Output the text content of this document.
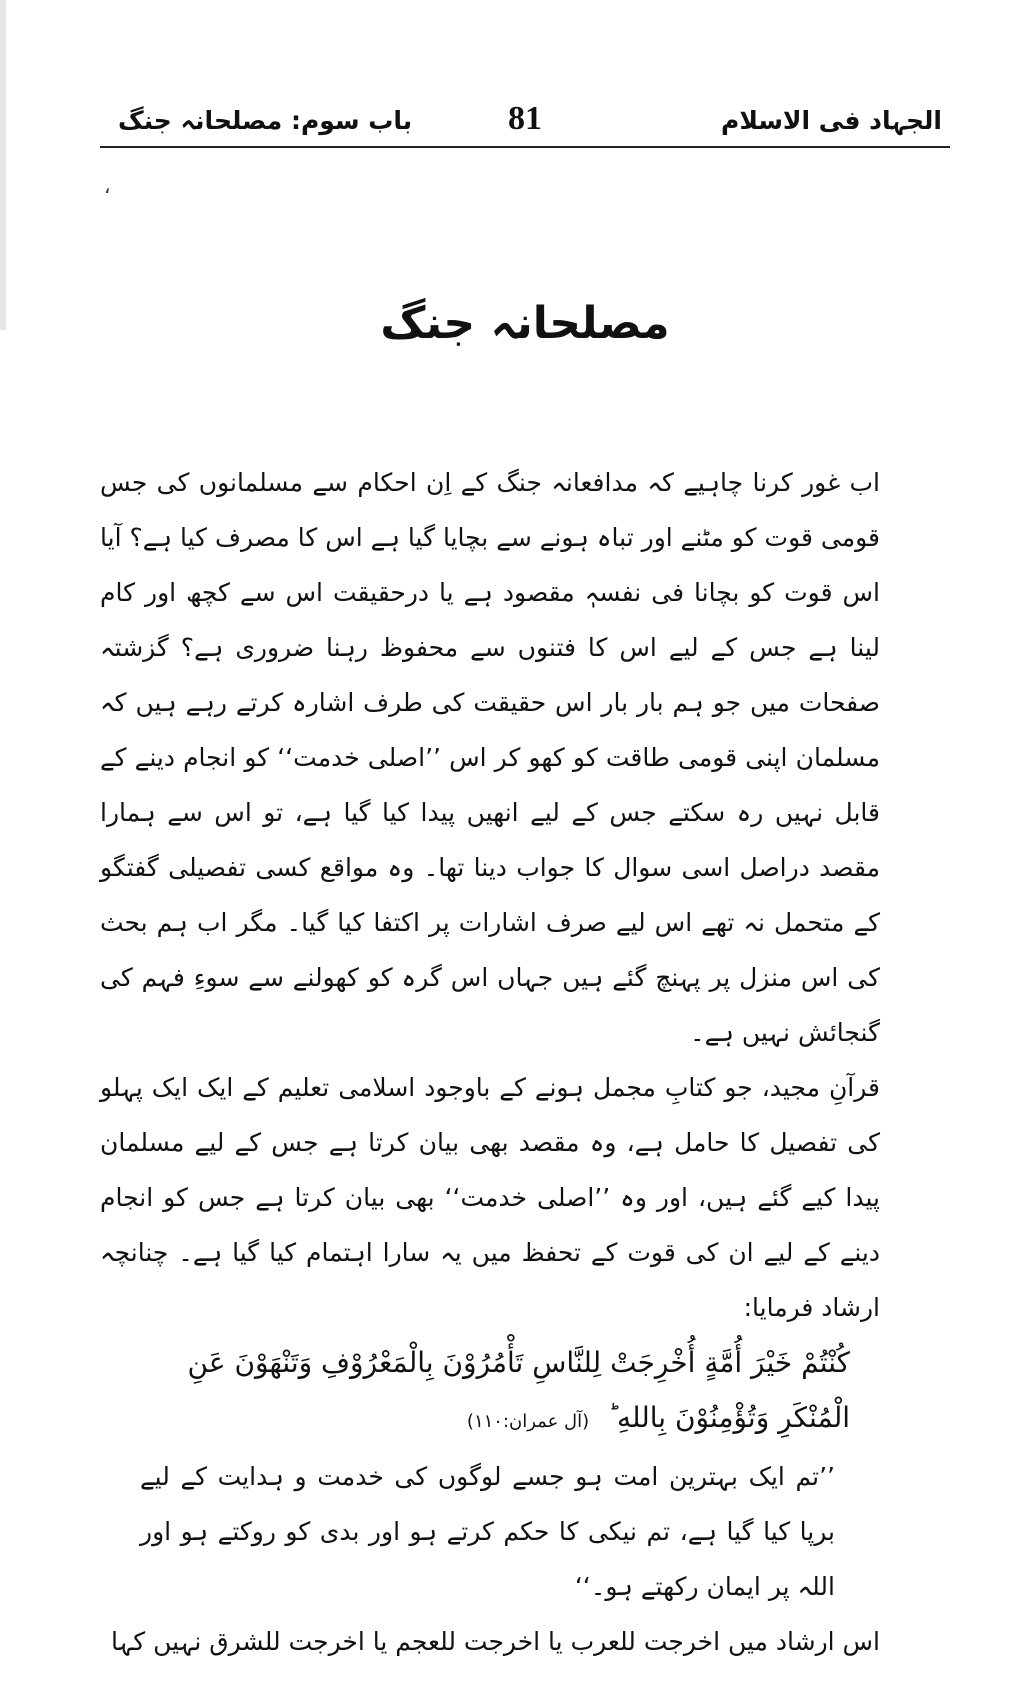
الجہاد فی الاسلام
81
باب سوم: مصلحانہ جنگ
،
مصلحانہ جنگ

اب غور کرنا چاہیے کہ مدافعانہ جنگ کے اِن احکام سے مسلمانوں کی جس قومی قوت کو مٹنے اور تباہ ہونے سے بچایا گیا ہے اس کا مصرف کیا ہے؟ آیا اس قوت کو بچانا فی نفسہٖ مقصود ہے یا درحقیقت اس سے کچھ اور کام لینا ہے جس کے لیے اس کا فتنوں سے محفوظ رہنا ضروری ہے؟ گزشتہ صفحات میں جو ہم بار بار اس حقیقت کی طرف اشارہ کرتے رہے ہیں کہ مسلمان اپنی قومی طاقت کو کھو کر اس ’’اصلی خدمت‘‘ کو انجام دینے کے قابل نہیں رہ سکتے جس کے لیے انھیں پیدا کیا گیا ہے، تو اس سے ہمارا مقصد دراصل اسی سوال کا جواب دینا تھا۔ وہ مواقع کسی تفصیلی گفتگو کے متحمل نہ تھے اس لیے صرف اشارات پر اکتفا کیا گیا۔ مگر اب ہم بحث کی اس منزل پر پہنچ گئے ہیں جہاں اس گرہ کو کھولنے سے سوءِ فہم کی گنجائش نہیں ہے۔

قرآنِ مجید، جو کتابِ مجمل ہونے کے باوجود اسلامی تعلیم کے ایک ایک پہلو کی تفصیل کا حامل ہے، وہ مقصد بھی بیان کرتا ہے جس کے لیے مسلمان پیدا کیے گئے ہیں، اور وہ ’’اصلی خدمت‘‘ بھی بیان کرتا ہے جس کو انجام دینے کے لیے ان کی قوت کے تحفظ میں یہ سارا اہتمام کیا گیا ہے۔ چنانچہ ارشاد فرمایا:

كُنْتُمْ خَيْرَ أُمَّةٍ أُخْرِجَتْ لِلنَّاسِ تَأْمُرُوْنَ بِالْمَعْرُوْفِ وَتَنْهَوْنَ عَنِ

الْمُنْكَرِ وَتُؤْمِنُوْنَ بِاللهِ ؕ (آل عمران:۱۱۰)

’’تم ایک بہترین امت ہو جسے لوگوں کی خدمت و ہدایت کے لیے برپا کیا گیا ہے، تم نیکی کا حکم کرتے ہو اور بدی کو روکتے ہو اور اللہ پر ایمان رکھتے ہو۔‘‘

اس ارشاد میں اخرجت للعرب یا اخرجت للعجم یا اخرجت للشرق نہیں کہا
